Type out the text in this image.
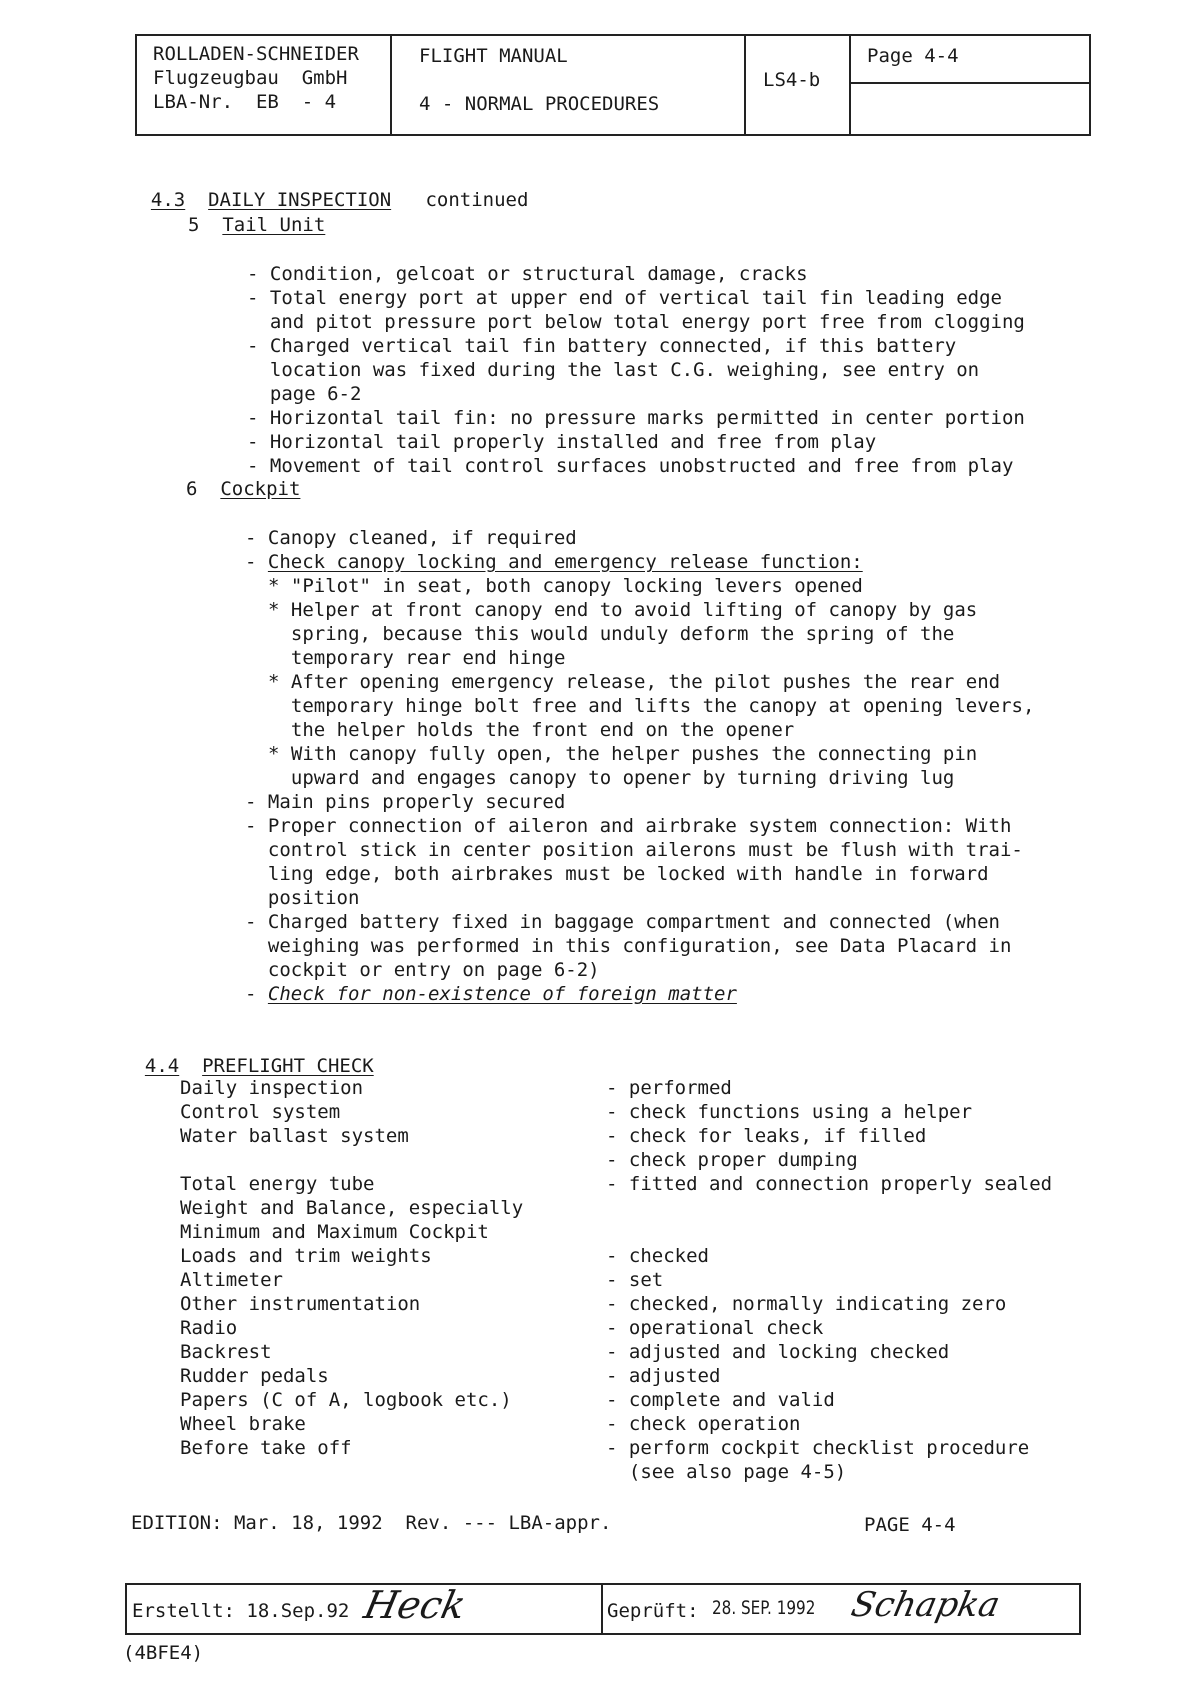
ROLLADEN-SCHNEIDER
Flugzeugbau  GmbH
LBA-Nr.  EB  - 4
FLIGHT MANUAL
4 - NORMAL PROCEDURES
LS4-b
Page 4-4

4.3 DAILY INSPECTION continued

5 Tail Unit

- Condition, gelcoat or structural damage, cracks
- Total energy port at upper end of vertical tail fin leading edge
and pitot pressure port below total energy port free from clogging
- Charged vertical tail fin battery connected, if this battery
location was fixed during the last C.G. weighing, see entry on
page 6-2
- Horizontal tail fin: no pressure marks permitted in center portion
- Horizontal tail properly installed and free from play
- Movement of tail control surfaces unobstructed and free from play

6 Cockpit

- Canopy cleaned, if required
- Check canopy locking and emergency release function:

* "Pilot" in seat, both canopy locking levers opened
* Helper at front canopy end to avoid lifting of canopy by gas
spring, because this would unduly deform the spring of the
temporary rear end hinge
* After opening emergency release, the pilot pushes the rear end
temporary hinge bolt free and lifts the canopy at opening levers,
the helper holds the front end on the opener
* With canopy fully open, the helper pushes the connecting pin
upward and engages canopy to opener by turning driving lug

- Main pins properly secured
- Proper connection of aileron and airbrake system connection: With
control stick in center position ailerons must be flush with trai-
ling edge, both airbrakes must be locked with handle in forward
position
- Charged battery fixed in baggage compartment and connected (when
weighing was performed in this configuration, see Data Placard in
cockpit or entry on page 6-2)
- Check for non-existence of foreign matter

4.4 PREFLIGHT CHECK

Daily inspection
Control system
Water ballast system
Total energy tube
Weight and Balance, especially
Minimum and Maximum Cockpit
Loads and trim weights
Altimeter
Other instrumentation
Radio
Backrest
Rudder pedals
Papers (C of A, logbook etc.)
Wheel brake
Before take off
- performed
- check functions using a helper
- check for leaks, if filled
- check proper dumping
- fitted and connection properly sealed
- checked
- set
- checked, normally indicating zero
- operational check
- adjusted and locking checked
- adjusted
- complete and valid
- check operation
- perform cockpit checklist procedure
(see also page 4-5)
EDITION: Mar. 18, 1992  Rev. --- LBA-appr.	PAGE 4-4
Erstellt: 18.Sep.92 Heck	Geprüft: 28. SEP. 1992 Schapka
(4BFE4)
